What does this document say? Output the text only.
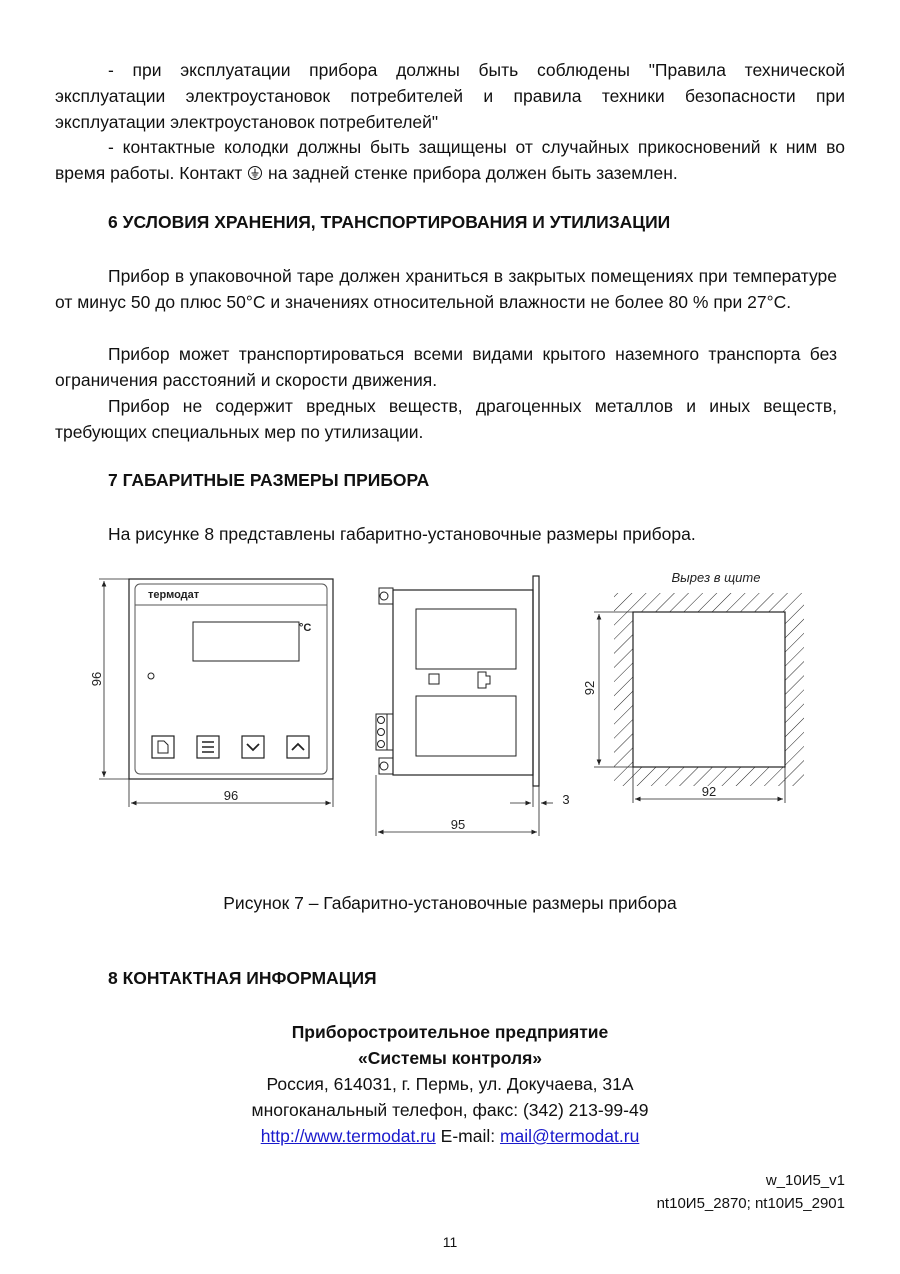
- при эксплуатации прибора должны быть соблюдены "Правила технической эксплуатации электроустановок потребителей и правила техники безопасности при эксплуатации электроустановок потребителей"

- контактные колодки должны быть защищены от случайных прикосновений к ним во время работы. Контакт  на задней стенке прибора должен быть заземлен.

6 УСЛОВИЯ ХРАНЕНИЯ, ТРАНСПОРТИРОВАНИЯ И УТИЛИЗАЦИИ

Прибор в упаковочной таре должен храниться в закрытых помещениях при температуре от минус 50 до плюс 50°С и значениях относительной влажности не более 80 % при 27°С.

Прибор может транспортироваться всеми видами крытого наземного транспорта без ограничения расстояний и скорости движения.

Прибор не содержит вредных веществ, драгоценных металлов и иных веществ, требующих специальных мер по утилизации.

7 ГАБАРИТНЫЕ РАЗМЕРЫ ПРИБОРА

На рисунке 8 представлены габаритно-установочные размеры прибора.

термодат
°C
96
96
95
3
Вырез в щите
92
92

Рисунок 7 – Габаритно-установочные размеры прибора

8 КОНТАКТНАЯ ИНФОРМАЦИЯ

Приборостроительное предприятие

«Системы контроля»

Россия, 614031, г. Пермь, ул. Докучаева, 31А

многоканальный телефон, факс: (342) 213-99-49

http://www.termodat.ru E-mail: mail@termodat.ru

w_10И5_v1
nt10И5_2870; nt10И5_2901
11
